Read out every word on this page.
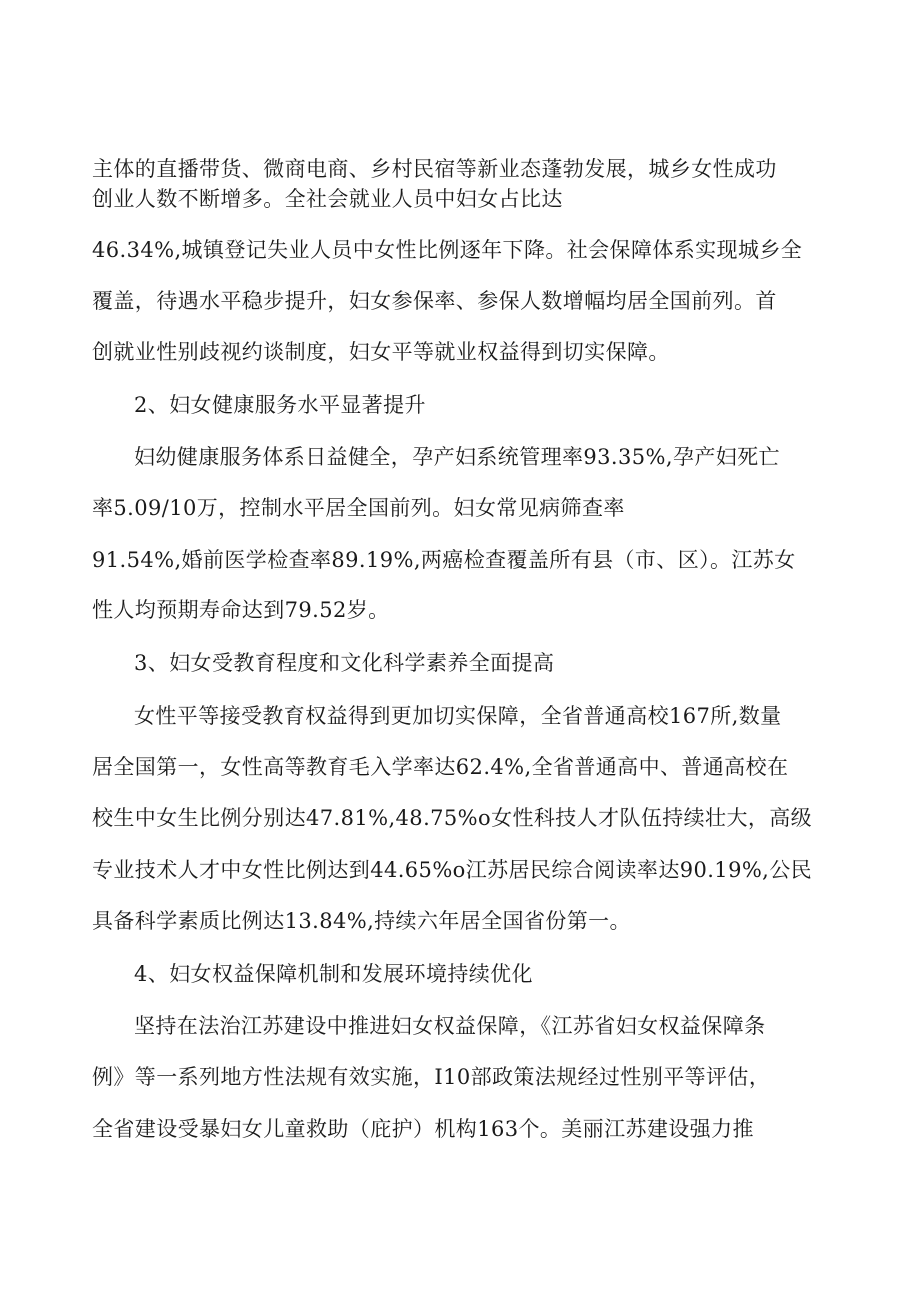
主体的直播带货、微商电商、乡村民宿等新业态蓬勃发展，城乡女性成功
创业人数不断增多。全社会就业人员中妇女占比达
46.34%,城镇登记失业人员中女性比例逐年下降。社会保障体系实现城乡全
覆盖，待遇水平稳步提升，妇女参保率、参保人数增幅均居全国前列。首
创就业性别歧视约谈制度，妇女平等就业权益得到切实保障。
2、妇女健康服务水平显著提升
妇幼健康服务体系日益健全，孕产妇系统管理率93.35%,孕产妇死亡
率5.09/10万，控制水平居全国前列。妇女常见病筛查率
91.54%,婚前医学检查率89.19%,两癌检查覆盖所有县（市、区）。江苏女
性人均预期寿命达到79.52岁。
3、妇女受教育程度和文化科学素养全面提高
女性平等接受教育权益得到更加切实保障，全省普通高校167所,数量
居全国第一，女性高等教育毛入学率达62.4%,全省普通高中、普通高校在
校生中女生比例分别达47.81%,48.75%o女性科技人才队伍持续壮大，高级
专业技术人才中女性比例达到44.65%o江苏居民综合阅读率达90.19%,公民
具备科学素质比例达13.84%,持续六年居全国省份第一。
4、妇女权益保障机制和发展环境持续优化
坚持在法治江苏建设中推进妇女权益保障，《江苏省妇女权益保障条
例》等一系列地方性法规有效实施，I10部政策法规经过性别平等评估，
全省建设受暴妇女儿童救助（庇护）机构163个。美丽江苏建设强力推
